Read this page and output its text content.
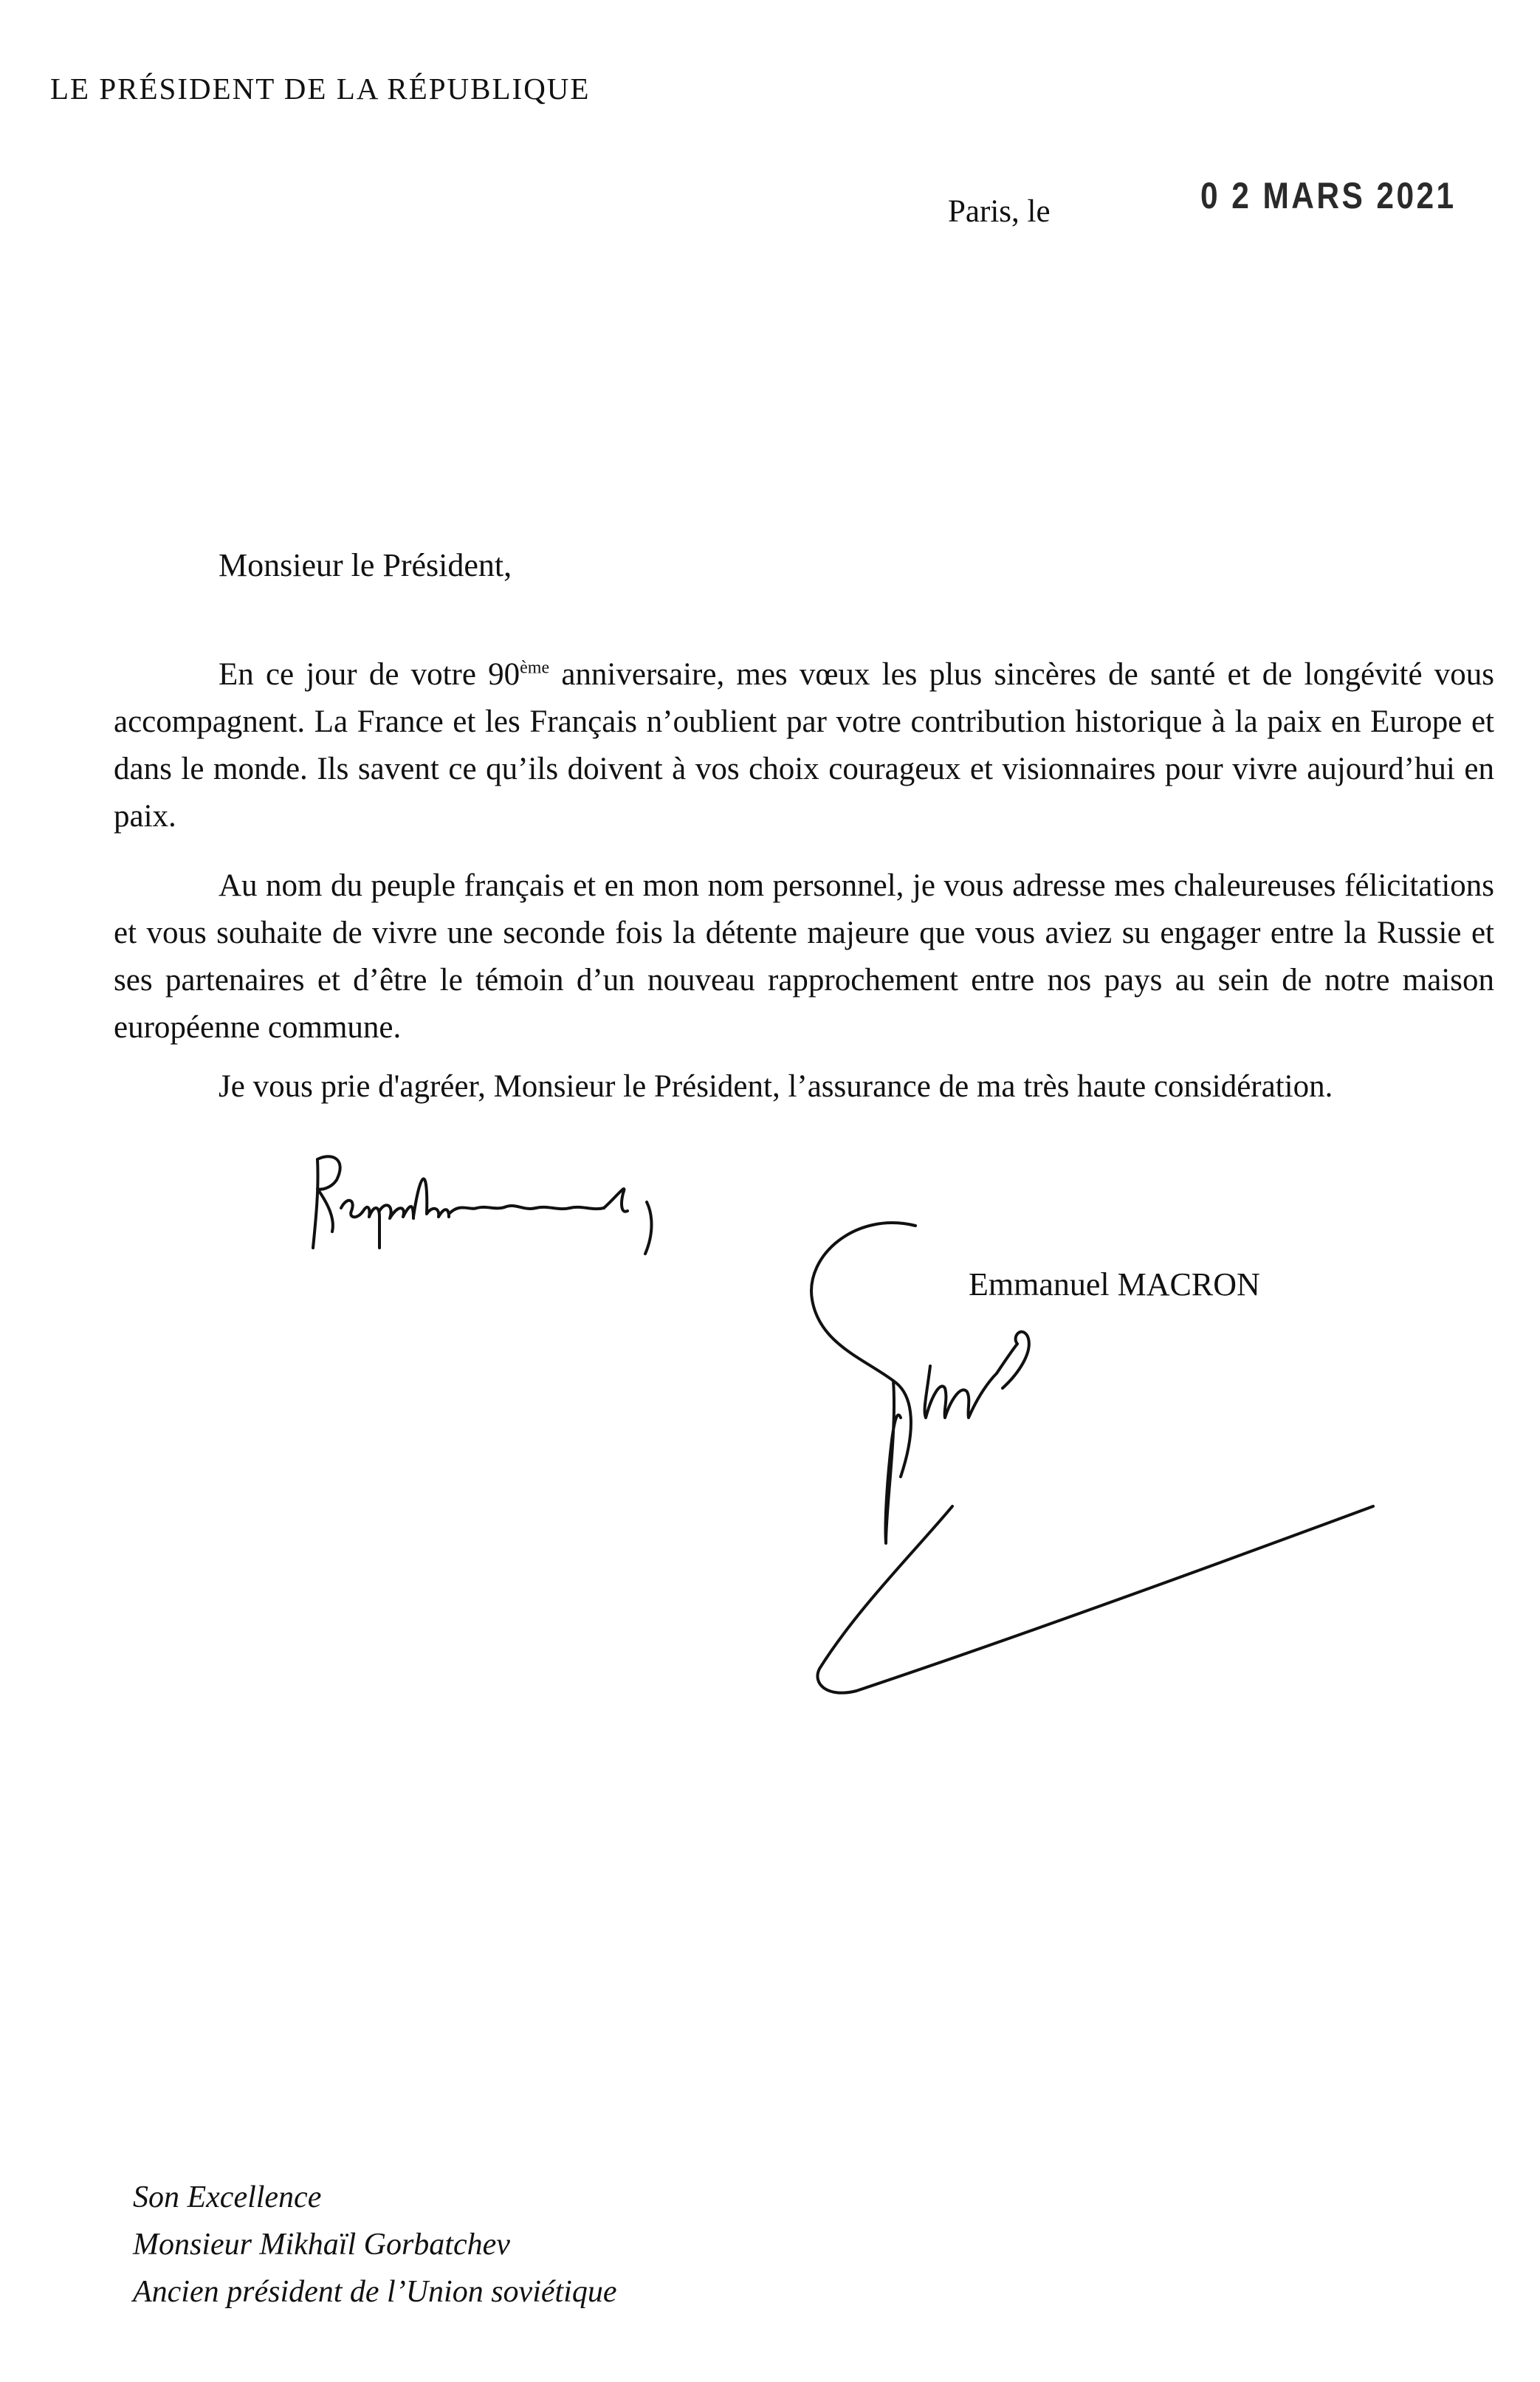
LE PRÉSIDENT DE LA RÉPUBLIQUE
Paris, le	0 2 MARS 2021
Monsieur le Président,

En ce jour de votre 90ème anniversaire, mes vœux les plus sincères de santé et de longévité vous accompagnent. La France et les Français n’oublient par votre contribution historique à la paix en Europe et dans le monde. Ils savent ce qu’ils doivent à vos choix courageux et visionnaires pour vivre aujourd’hui en paix.

Au nom du peuple français et en mon nom personnel, je vous adresse mes chaleureuses félicitations et vous souhaite de vivre une seconde fois la détente majeure que vous aviez su engager entre la Russie et ses partenaires et d’être le témoin d’un nouveau rapprochement entre nos pays au sein de notre maison européenne commune.

Je vous prie d'agréer, Monsieur le Président, l’assurance de ma très haute considération.

Emmanuel MACRON
Son Excellence
Monsieur Mikhaïl Gorbatchev
Ancien président de l’Union soviétique
